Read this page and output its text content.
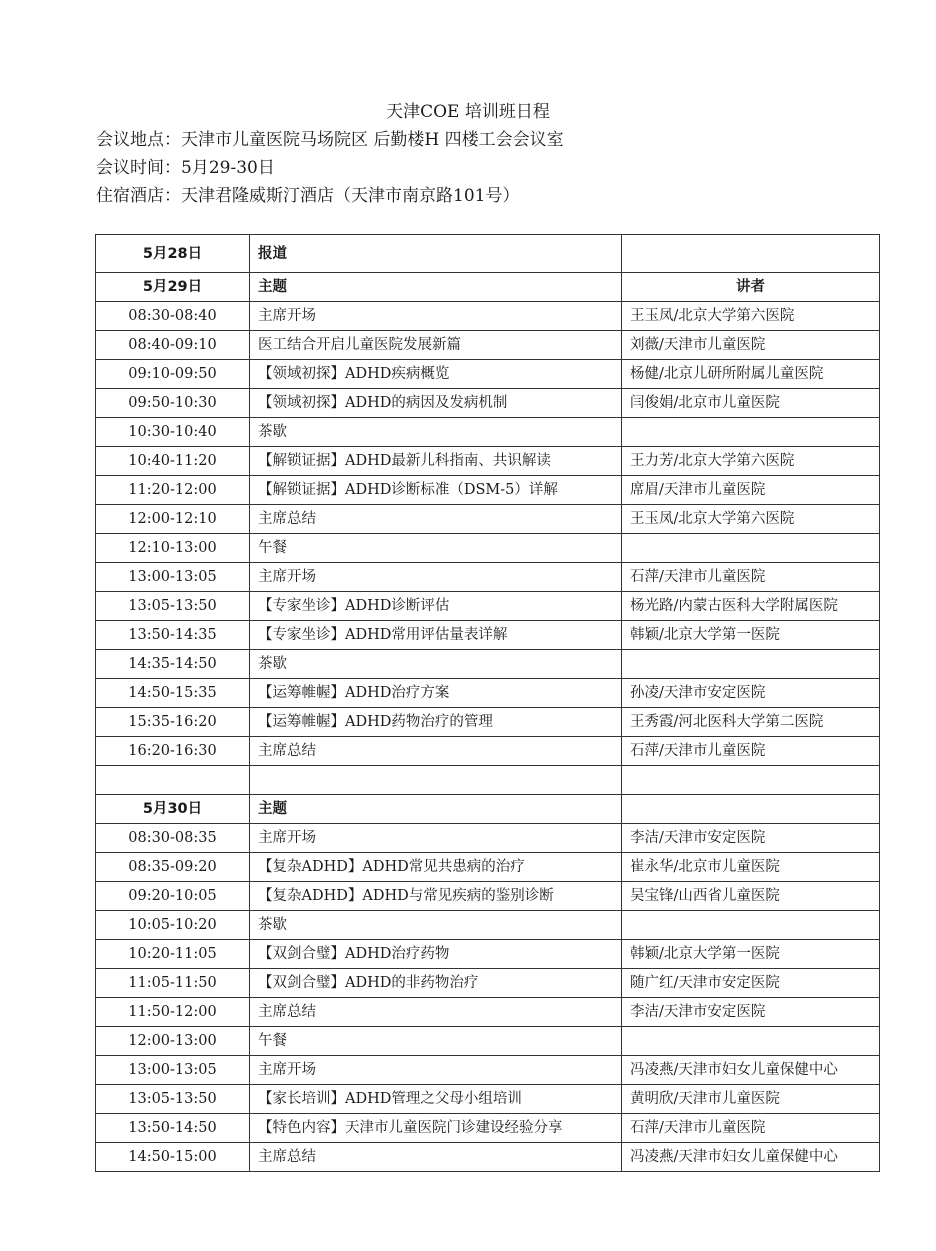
天津COE 培训班日程
会议地点：天津市儿童医院马场院区 后勤楼H 四楼工会会议室
会议时间：5月29-30日
住宿酒店：天津君隆威斯汀酒店（天津市南京路101号）
5月28日	报道	
5月29日	主题	讲者
08:30-08:40	主席开场	王玉凤/北京大学第六医院
08:40-09:10	医工结合开启儿童医院发展新篇	刘薇/天津市儿童医院
09:10-09:50	【领域初探】ADHD疾病概览	杨健/北京儿研所附属儿童医院
09:50-10:30	【领域初探】ADHD的病因及发病机制	闫俊娟/北京市儿童医院
10:30-10:40	茶歇	
10:40-11:20	【解锁证据】ADHD最新儿科指南、共识解读	王力芳/北京大学第六医院
11:20-12:00	【解锁证据】ADHD诊断标准（DSM-5）详解	席眉/天津市儿童医院
12:00-12:10	主席总结	王玉凤/北京大学第六医院
12:10-13:00	午餐	
13:00-13:05	主席开场	石萍/天津市儿童医院
13:05-13:50	【专家坐诊】ADHD诊断评估	杨光路/内蒙古医科大学附属医院
13:50-14:35	【专家坐诊】ADHD常用评估量表详解	韩颖/北京大学第一医院
14:35-14:50	茶歇	
14:50-15:35	【运筹帷幄】ADHD治疗方案	孙凌/天津市安定医院
15:35-16:20	【运筹帷幄】ADHD药物治疗的管理	王秀霞/河北医科大学第二医院
16:20-16:30	主席总结	石萍/天津市儿童医院

5月30日	主题	
08:30-08:35	主席开场	李洁/天津市安定医院
08:35-09:20	【复杂ADHD】ADHD常见共患病的治疗	崔永华/北京市儿童医院
09:20-10:05	【复杂ADHD】ADHD与常见疾病的鉴别诊断	吴宝锋/山西省儿童医院
10:05-10:20	茶歇	
10:20-11:05	【双剑合璧】ADHD治疗药物	韩颖/北京大学第一医院
11:05-11:50	【双剑合璧】ADHD的非药物治疗	随广红/天津市安定医院
11:50-12:00	主席总结	李洁/天津市安定医院
12:00-13:00	午餐	
13:00-13:05	主席开场	冯凌燕/天津市妇女儿童保健中心
13:05-13:50	【家长培训】ADHD管理之父母小组培训	黄明欣/天津市儿童医院
13:50-14:50	【特色内容】天津市儿童医院门诊建设经验分享	石萍/天津市儿童医院
14:50-15:00	主席总结	冯凌燕/天津市妇女儿童保健中心
